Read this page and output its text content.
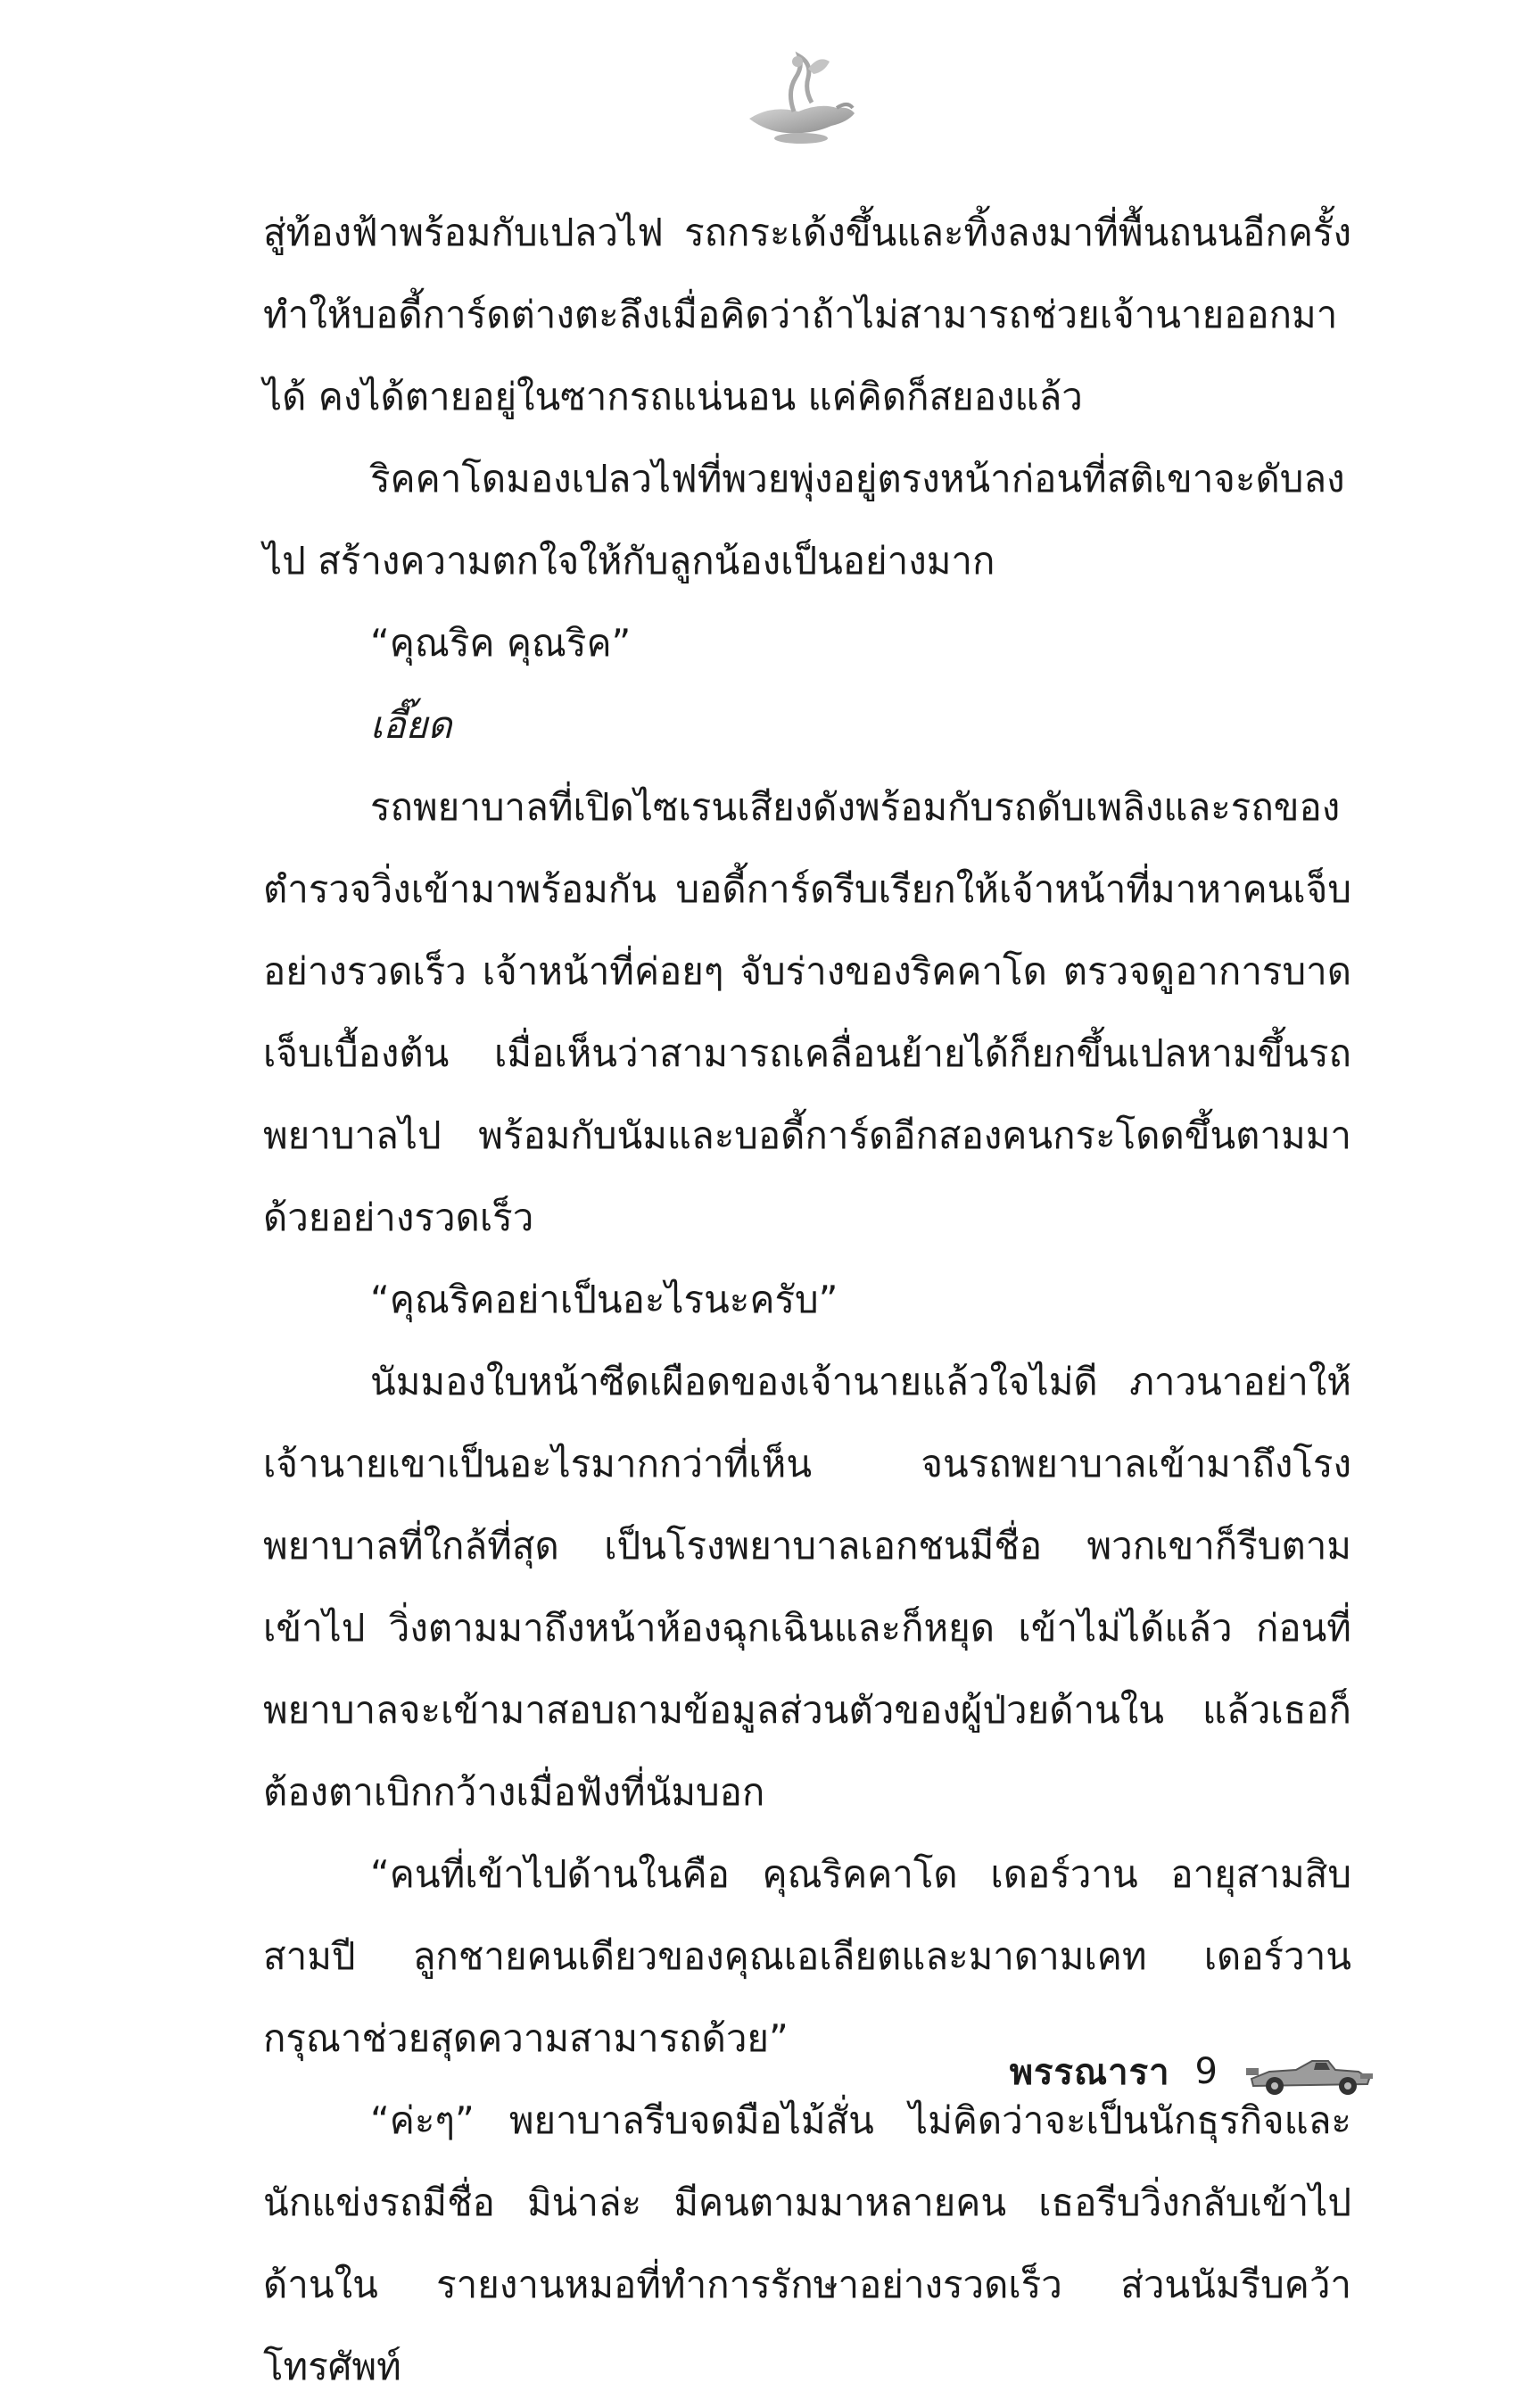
สู่ท้องฟ้าพร้อมกับเปลวไฟ รถกระเด้งขึ้นและทิ้งลงมาที่พื้นถนนอีกครั้ง ทำให้บอดี้การ์ดต่างตะลึงเมื่อคิดว่าถ้าไม่สามารถช่วยเจ้านายออกมาได้ คงได้ตายอยู่ในซากรถแน่นอน แค่คิดก็สยองแล้ว

ริคคาโดมองเปลวไฟที่พวยพุ่งอยู่ตรงหน้าก่อนที่สติเขาจะดับลงไป สร้างความตกใจให้กับลูกน้องเป็นอย่างมาก

“คุณริค คุณริค”

เอี๊ยด

รถพยาบาลที่เปิดไซเรนเสียงดังพร้อมกับรถดับเพลิงและรถของตำรวจวิ่งเข้ามาพร้อมกัน บอดี้การ์ดรีบเรียกให้เจ้าหน้าที่มาหาคนเจ็บอย่างรวดเร็ว เจ้าหน้าที่ค่อยๆ จับร่างของริคคาโด ตรวจดูอาการบาดเจ็บเบื้องต้น เมื่อเห็นว่าสามารถเคลื่อนย้ายได้ก็ยกขึ้นเปลหามขึ้นรถพยาบาลไป พร้อมกับนัมและบอดี้การ์ดอีกสองคนกระโดดขึ้นตามมาด้วยอย่างรวดเร็ว

“คุณริคอย่าเป็นอะไรนะครับ”

นัมมองใบหน้าซีดเผือดของเจ้านายแล้วใจไม่ดี ภาวนาอย่าให้เจ้านายเขาเป็นอะไรมากกว่าที่เห็น จนรถพยาบาลเข้ามาถึงโรงพยาบาลที่ใกล้ที่สุด เป็นโรงพยาบาลเอกชนมีชื่อ พวกเขาก็รีบตามเข้าไป วิ่งตามมาถึงหน้าห้องฉุกเฉินและก็หยุด เข้าไม่ได้แล้ว ก่อนที่พยาบาลจะเข้ามาสอบถามข้อมูลส่วนตัวของผู้ป่วยด้านใน แล้วเธอก็ต้องตาเบิกกว้างเมื่อฟังที่นัมบอก

“คนที่เข้าไปด้านในคือ คุณริคคาโด เดอร์วาน อายุสามสิบสามปี ลูกชายคนเดียวของคุณเอเลียตและมาดามเคท เดอร์วาน กรุณาช่วยสุดความสามารถด้วย”

“ค่ะๆ” พยาบาลรีบจดมือไม้สั่น ไม่คิดว่าจะเป็นนักธุรกิจและนักแข่งรถมีชื่อ มิน่าล่ะ มีคนตามมาหลายคน เธอรีบวิ่งกลับเข้าไปด้านใน รายงานหมอที่ทำการรักษาอย่างรวดเร็ว ส่วนนัมรีบคว้าโทรศัพท์

พรรณารา 9
